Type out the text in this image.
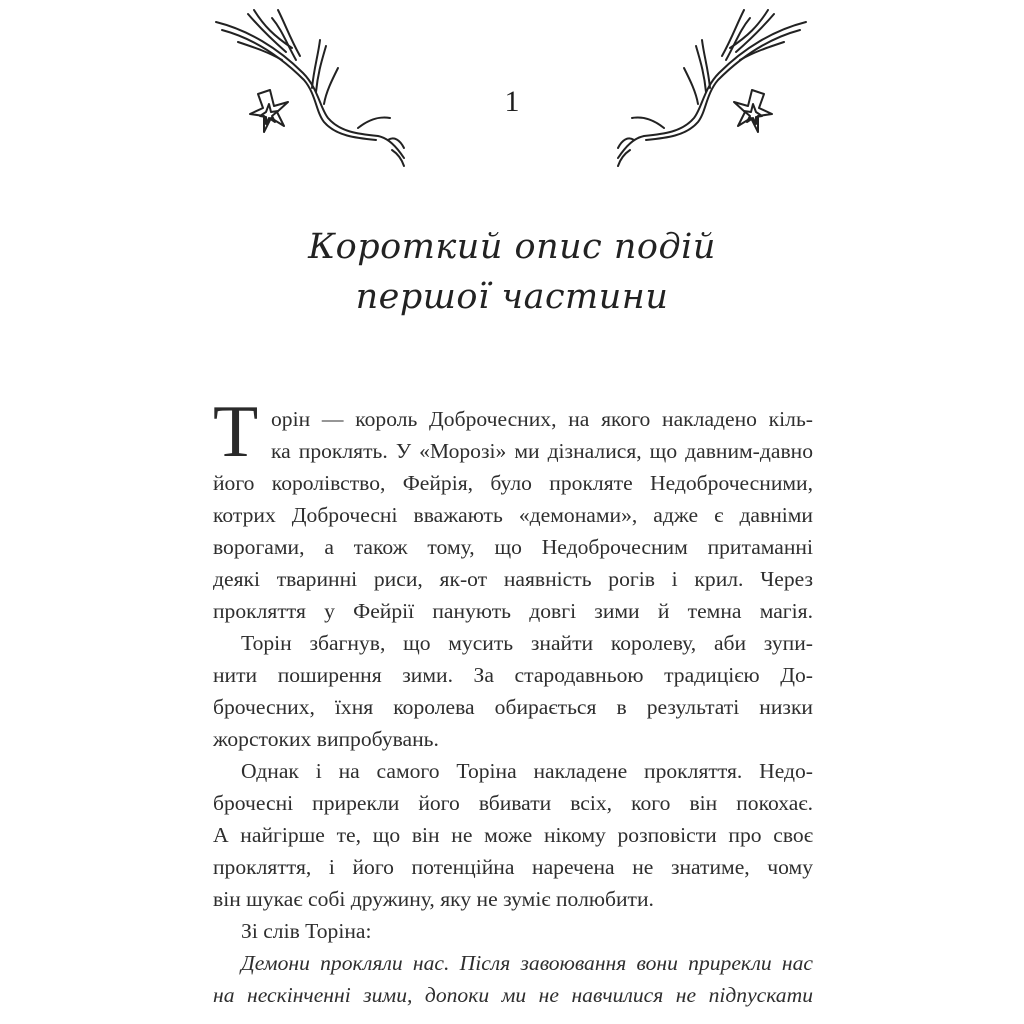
1
Короткий опис подій
першої частини
Т орін — король Доброчесних, на якого накладено кіль-
ка проклять. У «Морозі» ми дізналися, що давним-давно
його королівство, Фейрія, було прокляте Недоброчесними,
котрих Доброчесні вважають «демонами», адже є давніми
ворогами, а також тому, що Недоброчесним притаманні
деякі тваринні риси, як-от наявність рогів і крил. Через
прокляття у Фейрії панують довгі зими й темна магія.
Торін збагнув, що мусить знайти королеву, аби зупи-
нити поширення зими. За стародавньою традицією До-
брочесних, їхня королева обирається в результаті низки
жорстоких випробувань.
Однак і на самого Торіна накладене прокляття. Недо-
брочесні прирекли його вбивати всіх, кого він покохає.
А найгірше те, що він не може нікому розповісти про своє
прокляття, і його потенційна наречена не знатиме, чому
він шукає собі дружину, яку не зуміє полюбити.
Зі слів Торіна:
Демони прокляли нас. Після завоювання вони прирекли нас
на нескінченні зими, допоки ми не навчилися не підпускати
